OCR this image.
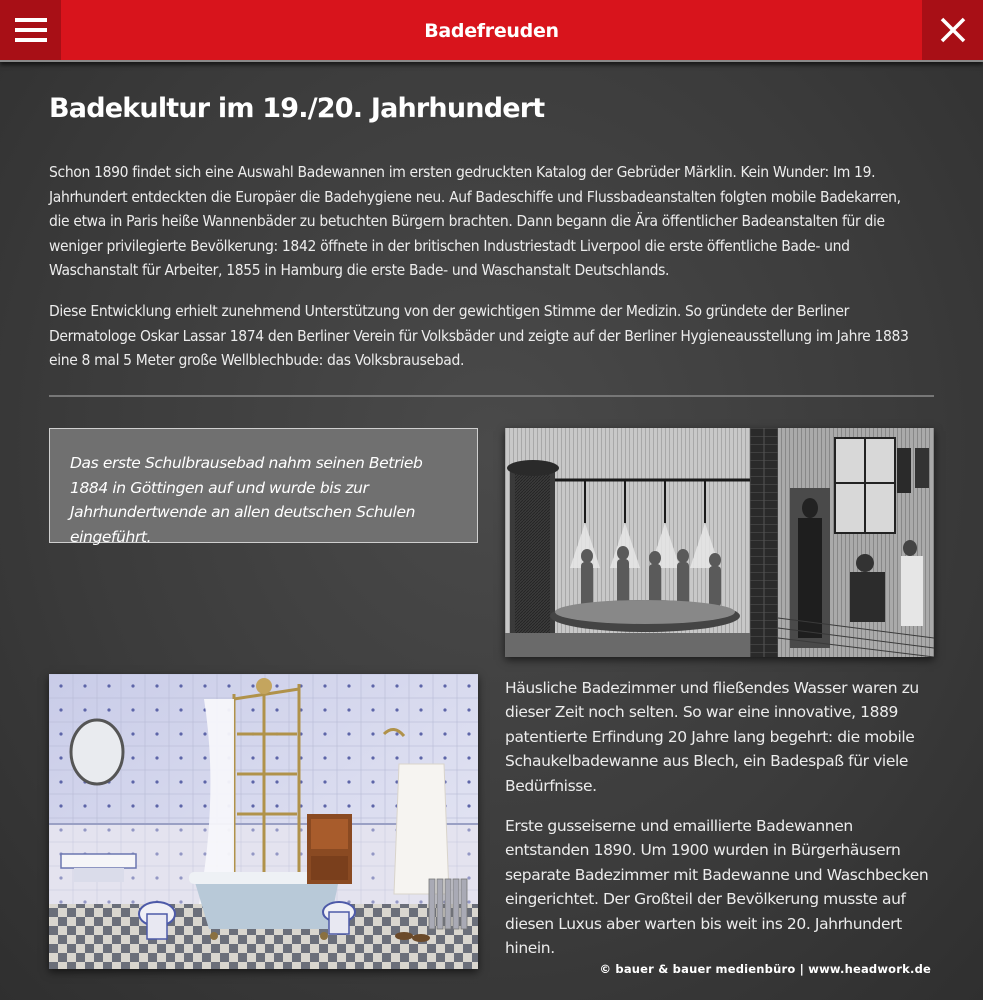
Badefreuden
Badekultur im 19./20. Jahrhundert

Schon 1890 findet sich eine Auswahl Badewannen im ersten gedruckten Katalog der Gebrüder Märklin. Kein Wunder: Im 19. Jahrhundert entdeckten die Europäer die Badehygiene neu. Auf Badeschiffe und Flussbadeanstalten folgten mobile Badekarren, die etwa in Paris heiße Wannenbäder zu betuchten Bürgern brachten. Dann begann die Ära öffentlicher Badeanstalten für die weniger privilegierte Bevölkerung: 1842 öffnete in der britischen Industriestadt Liverpool die erste öffentliche Bade- und Waschanstalt für Arbeiter, 1855 in Hamburg die erste Bade- und Waschanstalt Deutschlands.

Diese Entwicklung erhielt zunehmend Unterstützung von der gewichtigen Stimme der Medizin. So gründete der Berliner Dermatologe Oskar Lassar 1874 den Berliner Verein für Volksbäder und zeigte auf der Berliner Hygieneausstellung im Jahre 1883 eine 8 mal 5 Meter große Wellblechbude: das Volksbrausebad.

Das erste Schulbrausebad nahm seinen Betrieb 1884 in Göttingen auf und wurde bis zur Jahrhundertwende an allen deutschen Schulen eingeführt.

Häusliche Badezimmer und fließendes Wasser waren zu dieser Zeit noch selten. So war eine innovative, 1889 patentierte Erfindung 20 Jahre lang begehrt: die mobile Schaukelbadewanne aus Blech, ein Badespaß für viele Bedürfnisse.

Erste gusseiserne und emaillierte Badewannen entstanden 1890. Um 1900 wurden in Bürgerhäusern separate Badezimmer mit Badewanne und Waschbecken eingerichtet. Der Großteil der Bevölkerung musste auf diesen Luxus aber warten bis weit ins 20. Jahrhundert hinein.

© bauer & bauer medienbüro | www.headwork.de
